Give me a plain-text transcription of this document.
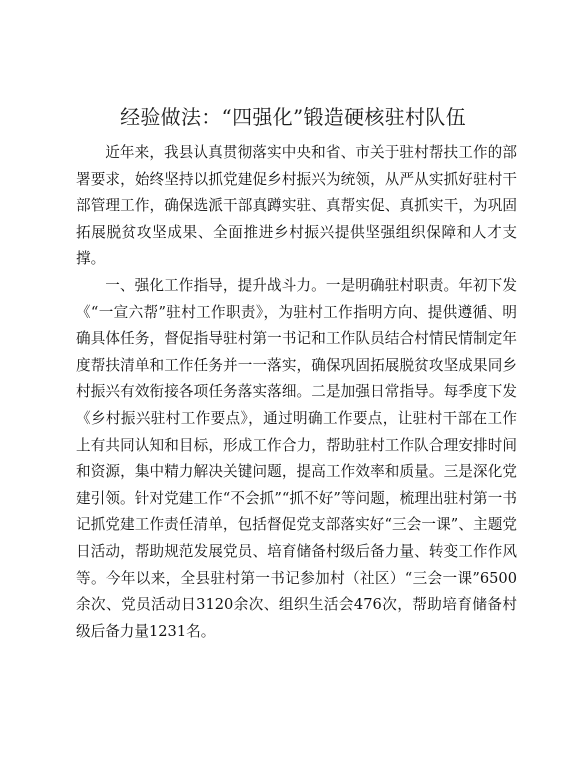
经验做法：“四强化”锻造硬核驻村队伍

近年来，我县认真贯彻落实中央和省、市关于驻村帮扶工作的部署要求，始终坚持以抓党建促乡村振兴为统领，从严从实抓好驻村干部管理工作，确保选派干部真蹲实驻、真帮实促、真抓实干，为巩固拓展脱贫攻坚成果、全面推进乡村振兴提供坚强组织保障和人才支撑。

一、强化工作指导，提升战斗力。一是明确驻村职责。年初下发《“一宣六帮”驻村工作职责》，为驻村工作指明方向、提供遵循、明确具体任务，督促指导驻村第一书记和工作队员结合村情民情制定年度帮扶清单和工作任务并一一落实，确保巩固拓展脱贫攻坚成果同乡村振兴有效衔接各项任务落实落细。二是加强日常指导。每季度下发《乡村振兴驻村工作要点》，通过明确工作要点，让驻村干部在工作上有共同认知和目标，形成工作合力，帮助驻村工作队合理安排时间和资源，集中精力解决关键问题，提高工作效率和质量。三是深化党建引领。针对党建工作“不会抓”“抓不好”等问题，梳理出驻村第一书记抓党建工作责任清单，包括督促党支部落实好“三会一课”、主题党日活动，帮助规范发展党员、培育储备村级后备力量、转变工作作风等。今年以来，全县驻村第一书记参加村（社区）“三会一课”6500余次、党员活动日3120余次、组织生活会476次，帮助培育储备村级后备力量1231名。
